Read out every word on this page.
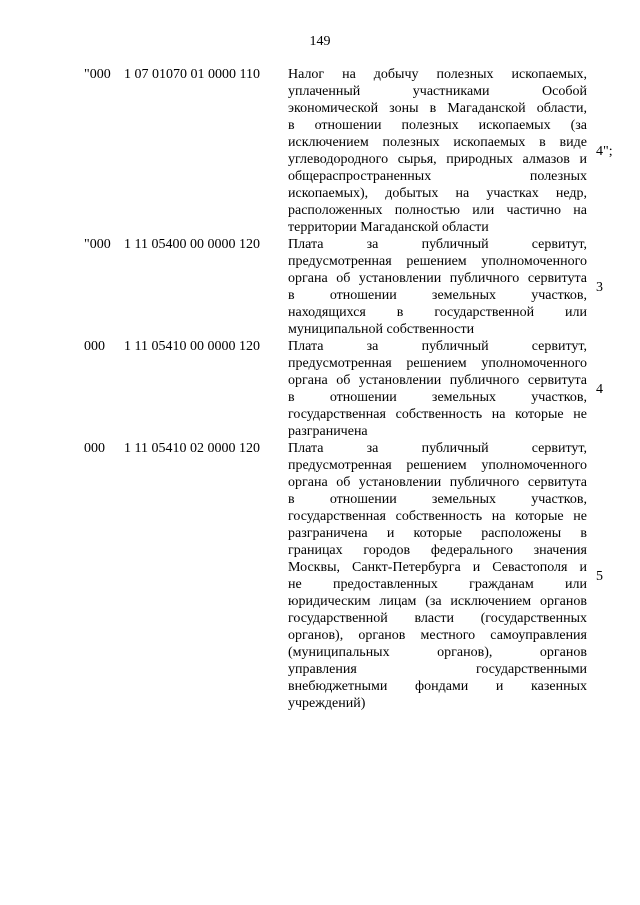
149
"000 1 07 01070 01 0000 110 Налог на добычу полезных ископаемых,
уплаченный участниками Особой
экономической зоны в Магаданской области,
в отношении полезных ископаемых (за
исключением полезных ископаемых в виде
углеводородного сырья, природных алмазов и
общераспространенных полезных
ископаемых), добытых на участках недр,
расположенных полностью или частично на
территории Магаданской области
4";
"000 1 11 05400 00 0000 120 Плата за публичный сервитут,
предусмотренная решением уполномоченного
органа об установлении публичного сервитута
в отношении земельных участков,
находящихся в государственной или
муниципальной собственности
3
000 1 11 05410 00 0000 120 Плата за публичный сервитут,
предусмотренная решением уполномоченного
органа об установлении публичного сервитута
в отношении земельных участков,
государственная собственность на которые не
разграничена
4
000 1 11 05410 02 0000 120 Плата за публичный сервитут,
предусмотренная решением уполномоченного
органа об установлении публичного сервитута
в отношении земельных участков,
государственная собственность на которые не
разграничена и которые расположены в
границах городов федерального значения
Москвы, Санкт-Петербурга и Севастополя и
не предоставленных гражданам или
юридическим лицам (за исключением органов
государственной власти (государственных
органов), органов местного самоуправления
(муниципальных органов), органов
управления государственными
внебюджетными фондами и казенных
учреждений)
5
